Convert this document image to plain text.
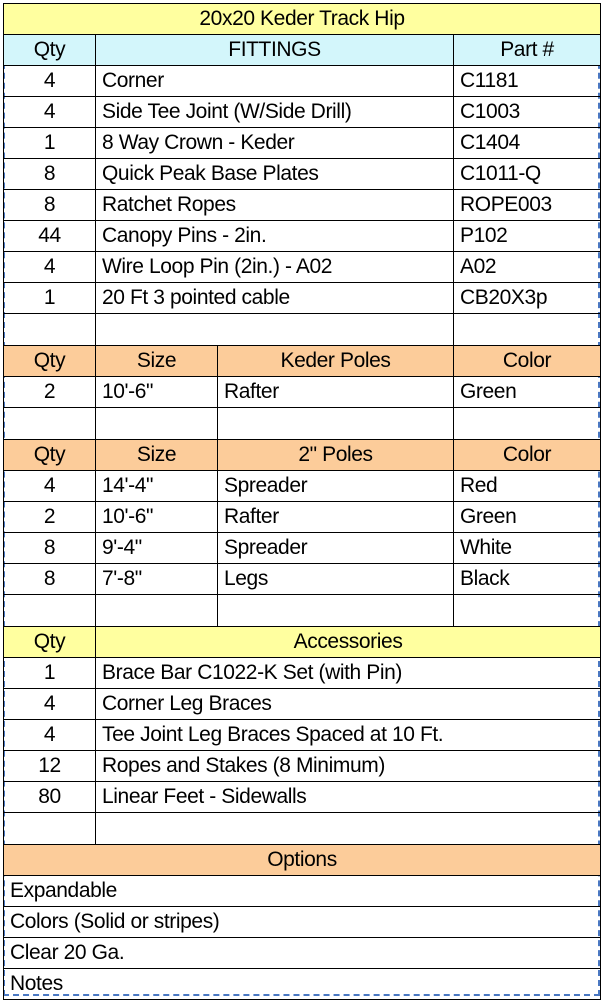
20x20 Keder Track Hip			
Qty	FITTINGS		Part #
4	Corner		C1181
4	Side Tee Joint (W/Side Drill)		C1003
1	8 Way Crown - Keder		C1404
8	Quick Peak Base Plates		C1011-Q
8	Ratchet Ropes		ROPE003
44	Canopy Pins - 2in.		P102
4	Wire Loop Pin (2in.) - A02		A02
1	20 Ft 3 pointed cable		CB20X3p

Qty	Size	Keder Poles	Color
2	10'-6"	Rafter	Green

Qty	Size	2" Poles	Color
4	14'-4"	Spreader	Red
2	10'-6"	Rafter	Green
8	9'-4"	Spreader	White
8	7'-8"	Legs	Black

Qty	Accessories		
1	Brace Bar C1022-K Set (with Pin)		
4	Corner Leg Braces		
4	Tee Joint Leg Braces Spaced at 10 Ft.		
12	Ropes and Stakes (8 Minimum)		
80	Linear Feet - Sidewalls		

Options			
Expandable			
Colors (Solid or stripes)			
Clear 20 Ga.			
Notes			
